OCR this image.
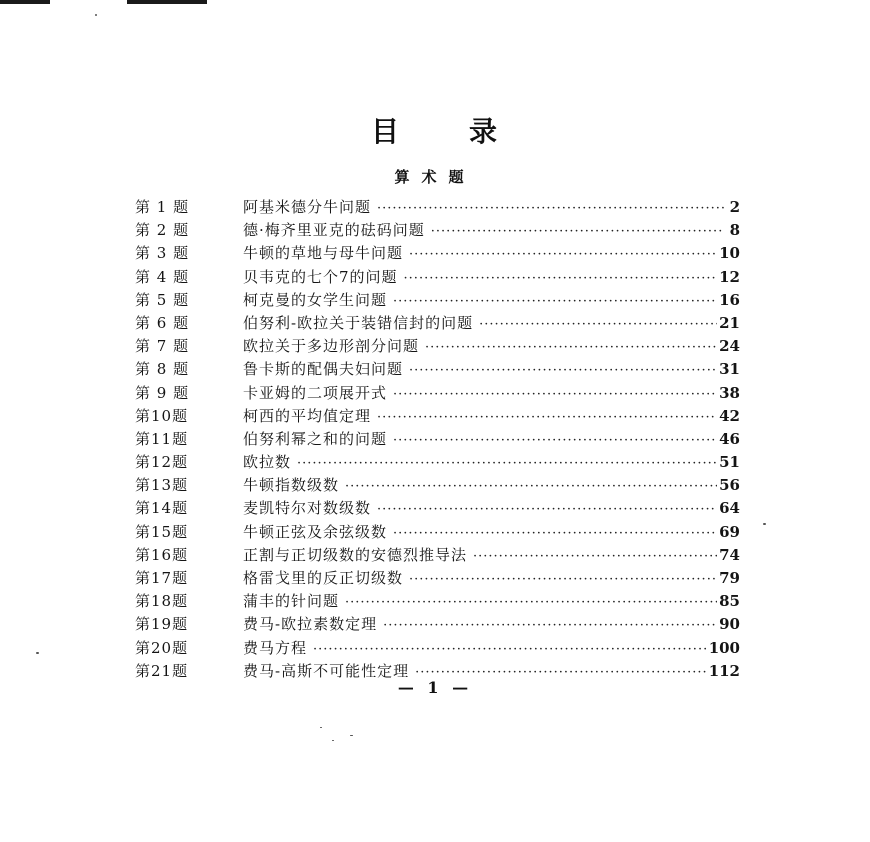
目 录
算术题
第 1 题	阿基米德分牛问题 ·····	2
第 2 题	德·梅齐里亚克的砝码问题 ·····	8
第 3 题	牛顿的草地与母牛问题 ·····	10
第 4 题	贝韦克的七个7的问题 ·····	12
第 5 题	柯克曼的女学生问题 ·····	16
第 6 题	伯努利-欧拉关于装错信封的问题 ·····	21
第 7 题	欧拉关于多边形剖分问题 ·····	24
第 8 题	鲁卡斯的配偶夫妇问题 ·····	31
第 9 题	卡亚姆的二项展开式 ·····	38
第10题	柯西的平均值定理 ·····	42
第11题	伯努利幂之和的问题 ·····	46
第12题	欧拉数 ·····	51
第13题	牛顿指数级数 ·····	56
第14题	麦凯特尔对数级数 ·····	64
第15题	牛顿正弦及余弦级数 ·····	69
第16题	正割与正切级数的安德烈推导法 ·····	74
第17题	格雷戈里的反正切级数 ·····	79
第18题	蒲丰的针问题 ·····	85
第19题	费马-欧拉素数定理 ·····	90
第20题	费马方程 ·····	100
第21题	费马-高斯不可能性定理 ·····	112
— 1 —
